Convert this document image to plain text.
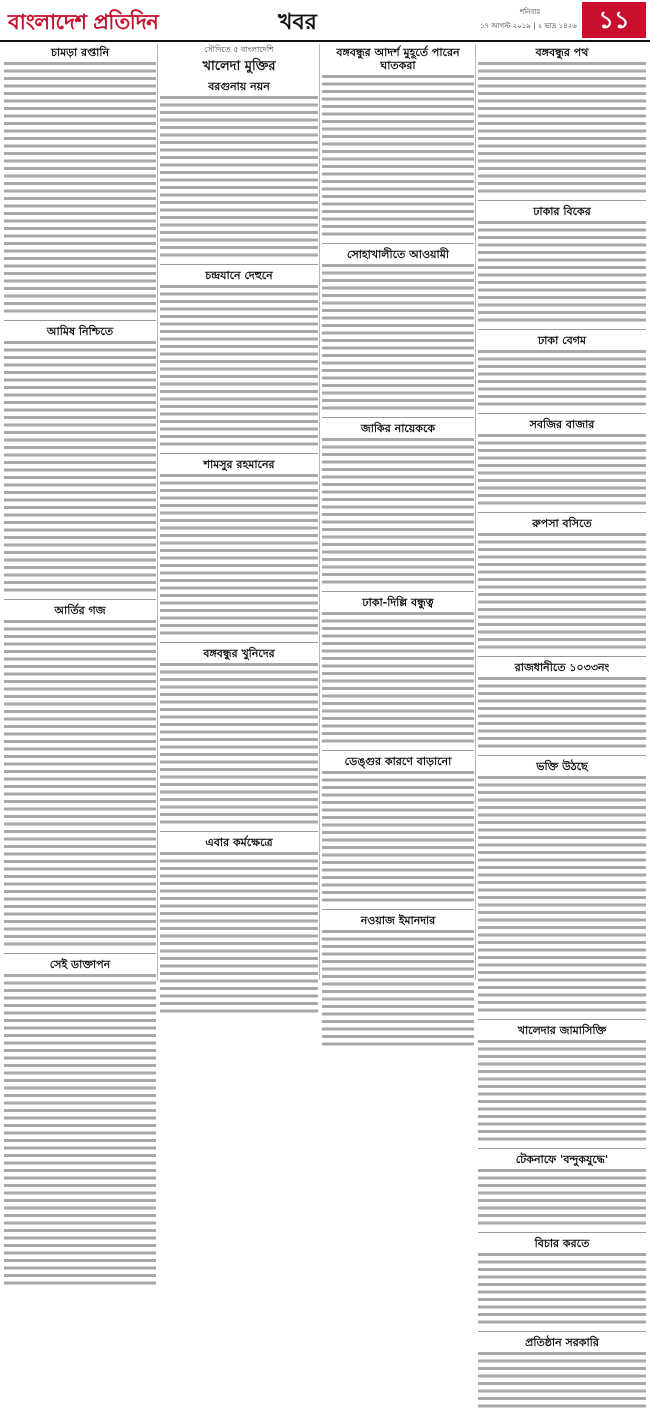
বাংলাদেশ প্রতিদিন	খবর	শনিবার
১৭ আগস্ট ২০১৯ | ২ ভাদ্র ১৪২৬ ১১
চামড়া রপ্তানি
আমিষ নিশ্চিতে
আর্তির গজ
সেই ডাক্তাপন
বরগুনায় নয়ন
চন্দ্রযানে দেহুনে
শামসুর রহমানের
বঙ্গবন্ধুর খুনিদের
এবার কর্মক্ষেত্রে
সৌদিতে ৫ বাংলাদেশি
খালেদা মুক্তির
বঙ্গবন্ধুর আদর্শ মুহূর্তে পারেন ঘাতকরা
সোহাখালীতে আওয়ামী
জাকির নায়েককে
ঢাকা-দিল্লি বন্ধুত্ব
ডেঙ্গুর কারণে বাড়ানো
নওয়াজ ইমানদার
বঙ্গবন্ধুর পথ
ঢাকার বিকের
ঢাকা বেগম
সবজির বাজার
রুপসা বসিতে
রাজধানীতে ১০৩৩নং
ভক্তি উঠছে
খালেদার জামাসিক্তি
টেকনাফে 'বন্দুকযুদ্ধে'
বিচার করতে
প্রতিষ্ঠান সরকারি
